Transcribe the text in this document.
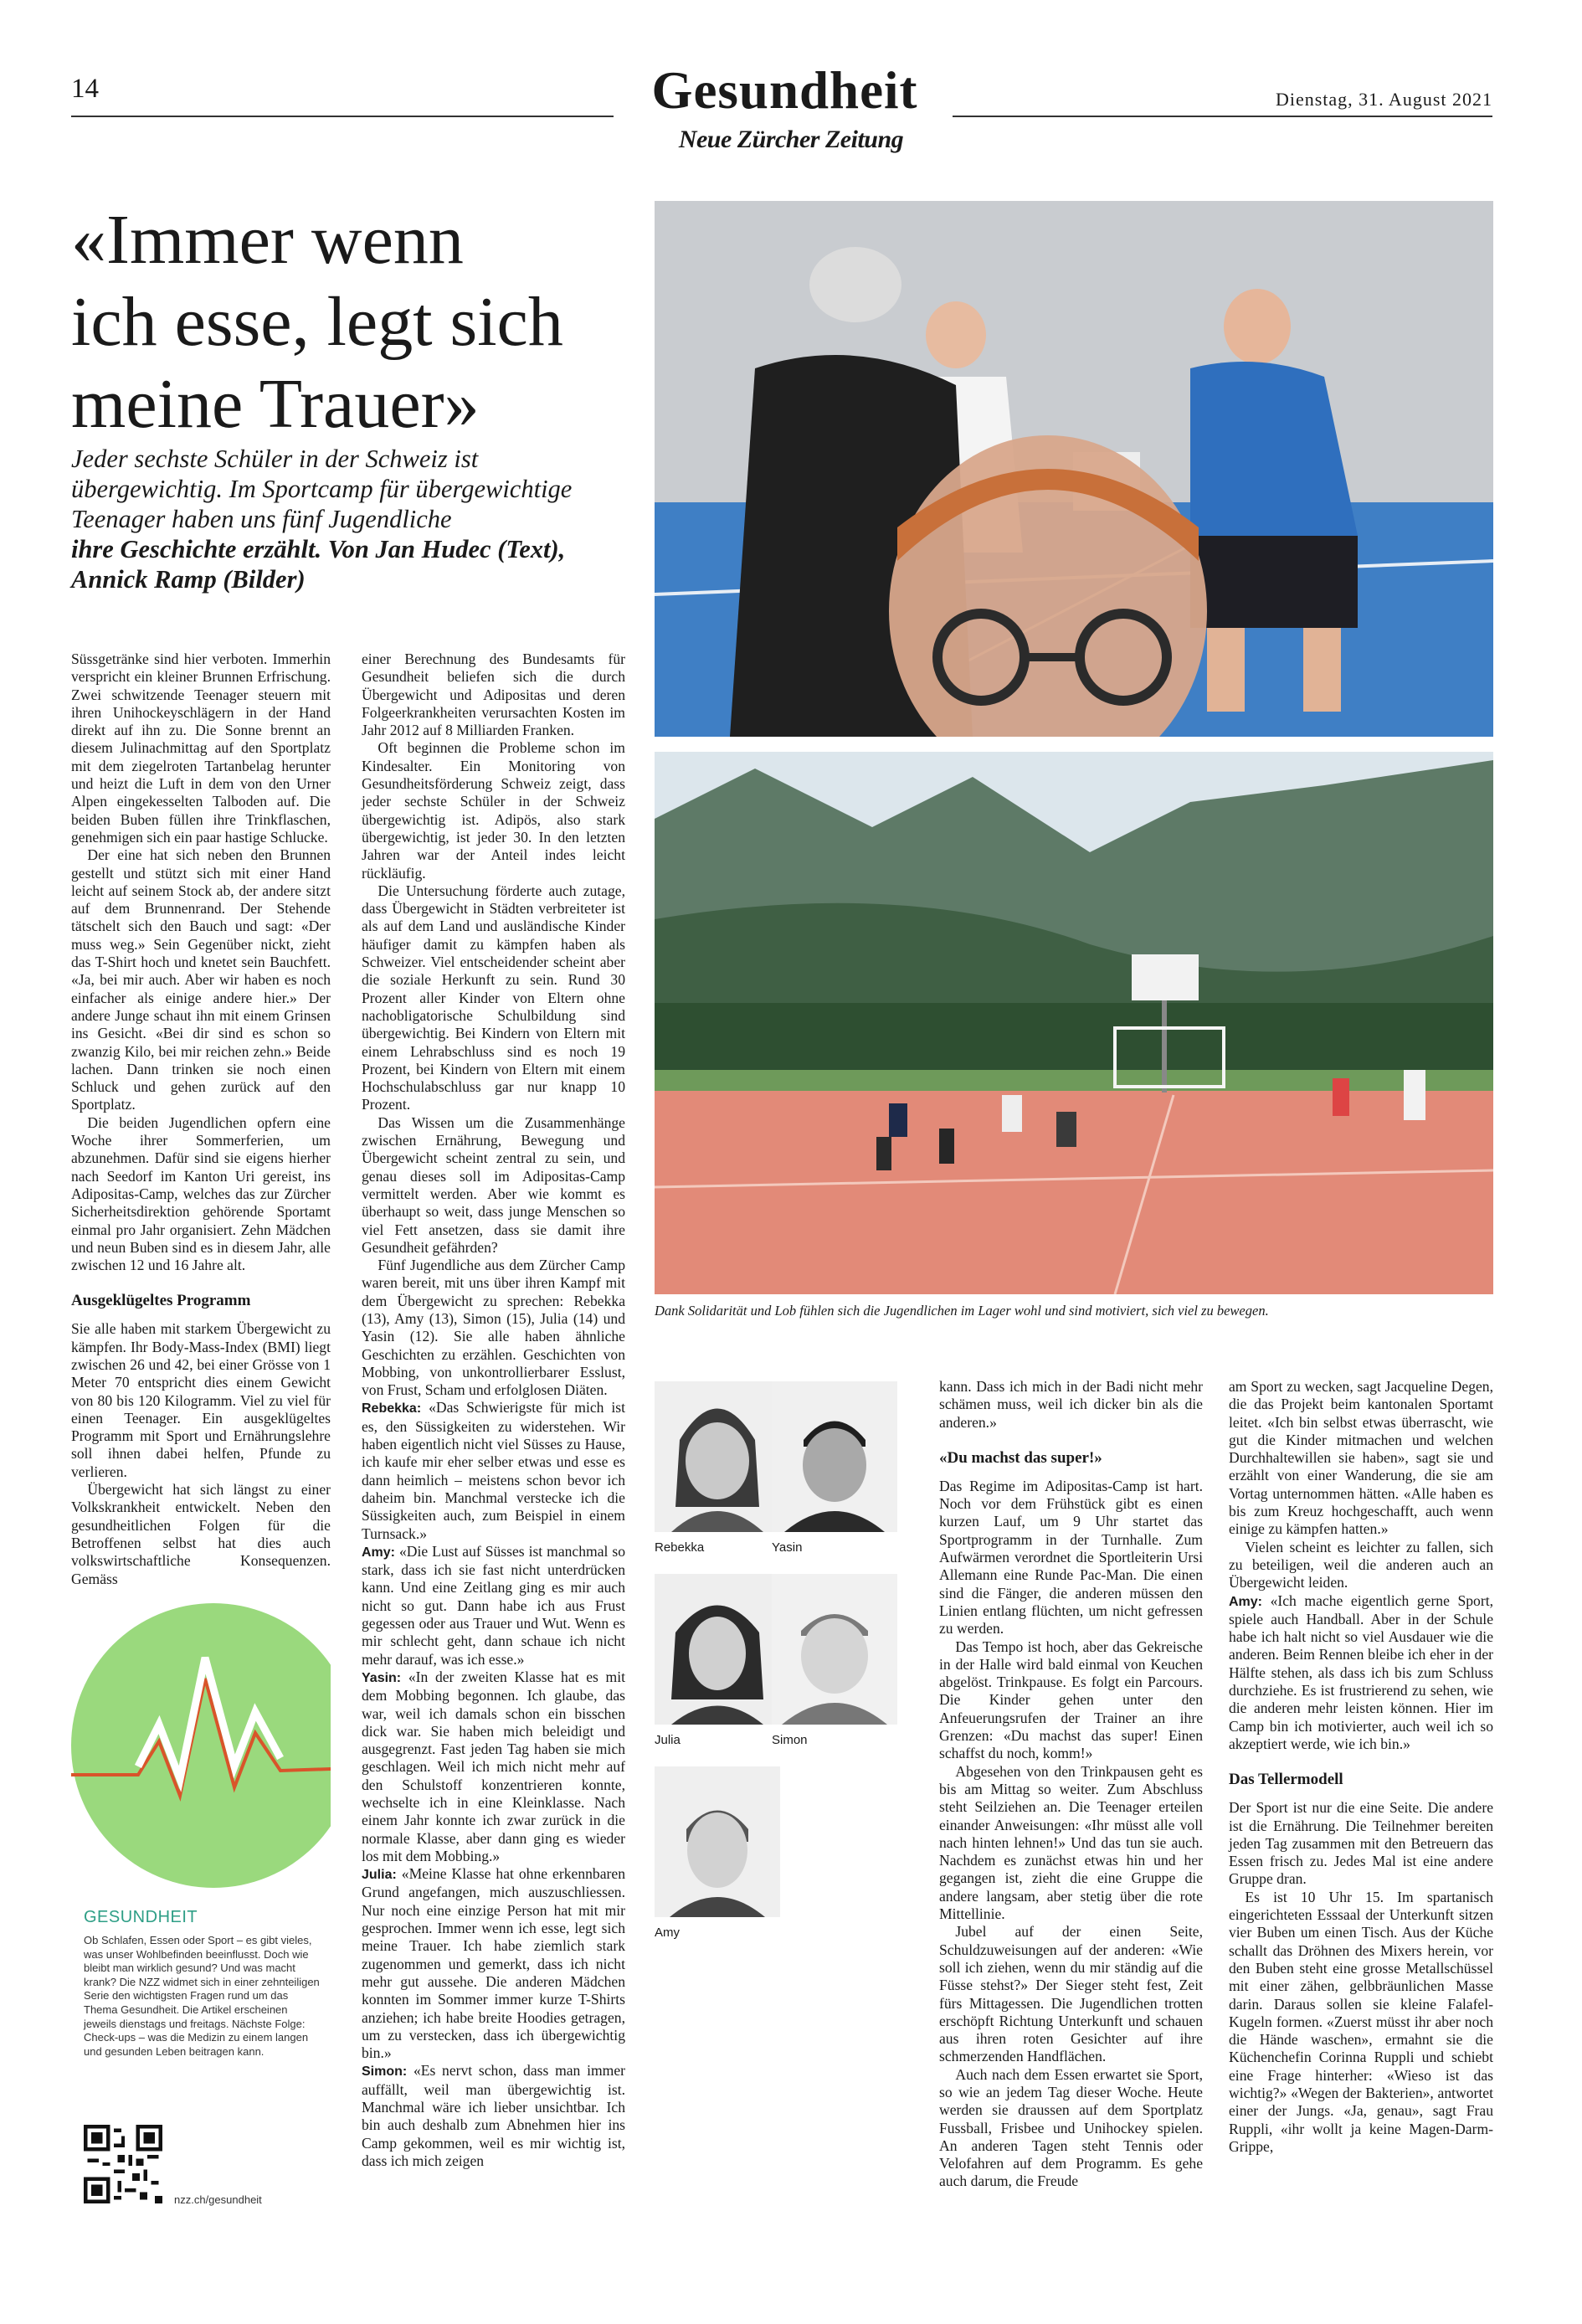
14	Gesundheit	Dienstag, 31. August 2021
Neue Zürcher Zeitung
«Immer wenn
ich esse, legt sich
meine Trauer»
Jeder sechste Schüler in der Schweiz ist
übergewichtig. Im Sportcamp für übergewichtige
Teenager haben uns fünf Jugendliche
ihre Geschichte erzählt. Von Jan Hudec (Text),
Annick Ramp (Bilder)
Dank Solidarität und Lob fühlen sich die Jugendlichen im Lager wohl und sind motiviert, sich viel zu bewegen.

Süssgetränke sind hier verboten. Immerhin verspricht ein kleiner Brunnen Erfrischung. Zwei schwitzende Teenager steuern mit ihren Unihockeyschlägern in der Hand direkt auf ihn zu. Die Sonne brennt an diesem Julinachmittag auf den Sportplatz mit dem ziegelroten Tartanbelag herunter und heizt die Luft in dem von den Urner Alpen eingekesselten Talboden auf. Die beiden Buben füllen ihre Trinkflaschen, genehmigen sich ein paar hastige Schlucke.

Der eine hat sich neben den Brunnen gestellt und stützt sich mit einer Hand leicht auf seinem Stock ab, der andere sitzt auf dem Brunnenrand. Der Stehende tätschelt sich den Bauch und sagt: «Der muss weg.» Sein Gegenüber nickt, zieht das T-Shirt hoch und knetet sein Bauchfett. «Ja, bei mir auch. Aber wir haben es noch einfacher als einige andere hier.» Der andere Junge schaut ihn mit einem Grinsen ins Gesicht. «Bei dir sind es schon so zwanzig Kilo, bei mir reichen zehn.» Beide lachen. Dann trinken sie noch einen Schluck und gehen zurück auf den Sportplatz.

Die beiden Jugendlichen opfern eine Woche ihrer Sommerferien, um abzunehmen. Dafür sind sie eigens hierher nach Seedorf im Kanton Uri gereist, ins Adipositas-Camp, welches das zur Zürcher Sicherheitsdirektion gehörende Sportamt einmal pro Jahr organisiert. Zehn Mädchen und neun Buben sind es in diesem Jahr, alle zwischen 12 und 16 Jahre alt.

Ausgeklügeltes Programm

Sie alle haben mit starkem Übergewicht zu kämpfen. Ihr Body-Mass-Index (BMI) liegt zwischen 26 und 42, bei einer Grösse von 1 Meter 70 entspricht dies einem Gewicht von 80 bis 120 Kilogramm. Viel zu viel für einen Teenager. Ein ausgeklügeltes Programm mit Sport und Ernährungslehre soll ihnen dabei helfen, Pfunde zu verlieren.

Übergewicht hat sich längst zu einer Volkskrankheit entwickelt. Neben den gesundheitlichen Folgen für die Betroffenen selbst hat dies auch volkswirtschaftliche Konsequenzen. Gemäss

GESUNDHEIT
Ob Schlafen, Essen oder Sport – es gibt vieles, was unser Wohlbefinden beeinflusst. Doch wie bleibt man wirklich gesund? Und was macht krank? Die NZZ widmet sich in einer zehnteiligen Serie den wichtigsten Fragen rund um das Thema Gesundheit. Die Artikel erscheinen jeweils dienstags und freitags. Nächste Folge: Check-ups – was die Medizin zu einem langen und gesunden Leben beitragen kann.
nzz.ch/gesundheit

einer Berechnung des Bundesamts für Gesundheit beliefen sich die durch Übergewicht und Adipositas und deren Folgeerkrankheiten verursachten Kosten im Jahr 2012 auf 8 Milliarden Franken.

Oft beginnen die Probleme schon im Kindesalter. Ein Monitoring von Gesundheitsförderung Schweiz zeigt, dass jeder sechste Schüler in der Schweiz übergewichtig ist. Adipös, also stark übergewichtig, ist jeder 30. In den letzten Jahren war der Anteil indes leicht rückläufig.

Die Untersuchung förderte auch zutage, dass Übergewicht in Städten verbreiteter ist als auf dem Land und ausländische Kinder häufiger damit zu kämpfen haben als Schweizer. Viel entscheidender scheint aber die soziale Herkunft zu sein. Rund 30 Prozent aller Kinder von Eltern ohne nachobligatorische Schulbildung sind übergewichtig. Bei Kindern von Eltern mit einem Lehrabschluss sind es noch 19 Prozent, bei Kindern von Eltern mit einem Hochschulabschluss gar nur knapp 10 Prozent.

Das Wissen um die Zusammenhänge zwischen Ernährung, Bewegung und Übergewicht scheint zentral zu sein, und genau dieses soll im Adipositas-Camp vermittelt werden. Aber wie kommt es überhaupt so weit, dass junge Menschen so viel Fett ansetzen, dass sie damit ihre Gesundheit gefährden?

Fünf Jugendliche aus dem Zürcher Camp waren bereit, mit uns über ihren Kampf mit dem Übergewicht zu sprechen: Rebekka (13), Amy (13), Simon (15), Julia (14) und Yasin (12). Sie alle haben ähnliche Geschichten zu erzählen. Geschichten von Mobbing, von unkontrollierbarer Esslust, von Frust, Scham und erfolglosen Diäten.

Rebekka: «Das Schwierigste für mich ist es, den Süssigkeiten zu widerstehen. Wir haben eigentlich nicht viel Süsses zu Hause, ich kaufe mir eher selber etwas und esse es dann heimlich – meistens schon bevor ich daheim bin. Manchmal verstecke ich die Süssigkeiten auch, zum Beispiel in einem Turnsack.»

Amy: «Die Lust auf Süsses ist manchmal so stark, dass ich sie fast nicht unterdrücken kann. Und eine Zeitlang ging es mir auch nicht so gut. Dann habe ich aus Frust gegessen oder aus Trauer und Wut. Wenn es mir schlecht geht, dann schaue ich nicht mehr darauf, was ich esse.»

Yasin: «In der zweiten Klasse hat es mit dem Mobbing begonnen. Ich glaube, das war, weil ich damals schon ein bisschen dick war. Sie haben mich beleidigt und ausgegrenzt. Fast jeden Tag haben sie mich geschlagen. Weil ich mich nicht mehr auf den Schulstoff konzentrieren konnte, wechselte ich in eine Kleinklasse. Nach einem Jahr konnte ich zwar zurück in die normale Klasse, aber dann ging es wieder los mit dem Mobbing.»

Julia: «Meine Klasse hat ohne erkennbaren Grund angefangen, mich auszuschliessen. Nur noch eine einzige Person hat mit mir gesprochen. Immer wenn ich esse, legt sich meine Trauer. Ich habe ziemlich stark zugenommen und gemerkt, dass ich nicht mehr gut aussehe. Die anderen Mädchen konnten im Sommer immer kurze T-Shirts anziehen; ich habe breite Hoodies getragen, um zu verstecken, dass ich übergewichtig bin.»

Simon: «Es nervt schon, dass man immer auffällt, weil man übergewichtig ist. Manchmal wäre ich lieber unsichtbar. Ich bin auch deshalb zum Abnehmen hier ins Camp gekommen, weil es mir wichtig ist, dass ich mich zeigen

Rebekka	Yasin
Julia	Simon
Amy

kann. Dass ich mich in der Badi nicht mehr schämen muss, weil ich dicker bin als die anderen.»

«Du machst das super!»

Das Regime im Adipositas-Camp ist hart. Noch vor dem Frühstück gibt es einen kurzen Lauf, um 9 Uhr startet das Sportprogramm in der Turnhalle. Zum Aufwärmen verordnet die Sportleiterin Ursi Allemann eine Runde Pac-Man. Die einen sind die Fänger, die anderen müssen den Linien entlang flüchten, um nicht gefressen zu werden.

Das Tempo ist hoch, aber das Gekreische in der Halle wird bald einmal von Keuchen abgelöst. Trinkpause. Es folgt ein Parcours. Die Kinder gehen unter den Anfeuerungsrufen der Trainer an ihre Grenzen: «Du machst das super! Einen schaffst du noch, komm!»

Abgesehen von den Trinkpausen geht es bis am Mittag so weiter. Zum Abschluss steht Seilziehen an. Die Teenager erteilen einander Anweisungen: «Ihr müsst alle voll nach hinten lehnen!» Und das tun sie auch. Nachdem es zunächst etwas hin und her gegangen ist, zieht die eine Gruppe die andere langsam, aber stetig über die rote Mittellinie.

Jubel auf der einen Seite, Schuldzuweisungen auf der anderen: «Wie soll ich ziehen, wenn du mir ständig auf die Füsse stehst?» Der Sieger steht fest, Zeit fürs Mittagessen. Die Jugendlichen trotten erschöpft Richtung Unterkunft und schauen aus ihren roten Gesichter auf ihre schmerzenden Handflächen.

Auch nach dem Essen erwartet sie Sport, so wie an jedem Tag dieser Woche. Heute werden sie draussen auf dem Sportplatz Fussball, Frisbee und Unihockey spielen. An anderen Tagen steht Tennis oder Velofahren auf dem Programm. Es gehe auch darum, die Freude

am Sport zu wecken, sagt Jacqueline Degen, die das Projekt beim kantonalen Sportamt leitet. «Ich bin selbst etwas überrascht, wie gut die Kinder mitmachen und welchen Durchhaltewillen sie haben», sagt sie und erzählt von einer Wanderung, die sie am Vortag unternommen hätten. «Alle haben es bis zum Kreuz hochgeschafft, auch wenn einige zu kämpfen hatten.»

Vielen scheint es leichter zu fallen, sich zu beteiligen, weil die anderen auch an Übergewicht leiden.

Amy: «Ich mache eigentlich gerne Sport, spiele auch Handball. Aber in der Schule habe ich halt nicht so viel Ausdauer wie die anderen. Beim Rennen bleibe ich eher in der Hälfte stehen, als dass ich bis zum Schluss durchziehe. Es ist frustrierend zu sehen, wie die anderen mehr leisten können. Hier im Camp bin ich motivierter, auch weil ich so akzeptiert werde, wie ich bin.»

Das Tellermodell

Der Sport ist nur die eine Seite. Die andere ist die Ernährung. Die Teilnehmer bereiten jeden Tag zusammen mit den Betreuern das Essen frisch zu. Jedes Mal ist eine andere Gruppe dran.

Es ist 10 Uhr 15. Im spartanisch eingerichteten Esssaal der Unterkunft sitzen vier Buben um einen Tisch. Aus der Küche schallt das Dröhnen des Mixers herein, vor den Buben steht eine grosse Metallschüssel mit einer zähen, gelbbräunlichen Masse darin. Daraus sollen sie kleine Falafel-Kugeln formen. «Zuerst müsst ihr aber noch die Hände waschen», ermahnt sie die Küchenchefin Corinna Ruppli und schiebt eine Frage hinterher: «Wieso ist das wichtig?» «Wegen der Bakterien», antwortet einer der Jungs. «Ja, genau», sagt Frau Ruppli, «ihr wollt ja keine Magen-Darm-Grippe,
